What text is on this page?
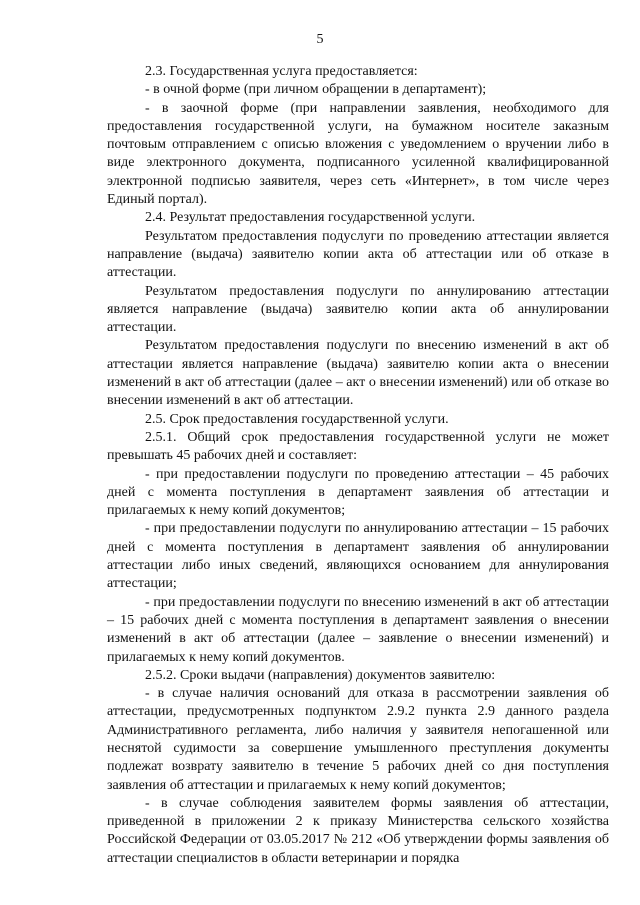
5

2.3. Государственная услуга предоставляется:

- в очной форме (при личном обращении в департамент);

- в заочной форме (при направлении заявления, необходимого для предоставления государственной услуги, на бумажном носителе заказным почтовым отправлением с описью вложения с уведомлением о вручении либо в виде электронного документа, подписанного усиленной квалифицированной электронной подписью заявителя, через сеть «Интернет», в том числе через Единый портал).

2.4. Результат предоставления государственной услуги.

Результатом предоставления подуслуги по проведению аттестации является направление (выдача) заявителю копии акта об аттестации или об отказе в аттестации.

Результатом предоставления подуслуги по аннулированию аттестации является направление (выдача) заявителю копии акта об аннулировании аттестации.

Результатом предоставления подуслуги по внесению изменений в акт об аттестации является направление (выдача) заявителю копии акта о внесении изменений в акт об аттестации (далее – акт о внесении изменений) или об отказе во внесении изменений в акт об аттестации.

2.5. Срок предоставления государственной услуги.

2.5.1. Общий срок предоставления государственной услуги не может превышать 45 рабочих дней и составляет:

- при предоставлении подуслуги по проведению аттестации – 45 рабочих дней с момента поступления в департамент заявления об аттестации и прилагаемых к нему копий документов;

- при предоставлении подуслуги по аннулированию аттестации – 15 рабочих дней с момента поступления в департамент заявления об аннулировании аттестации либо иных сведений, являющихся основанием для аннулирования аттестации;

- при предоставлении подуслуги по внесению изменений в акт об аттестации – 15 рабочих дней с момента поступления в департамент заявления о внесении изменений в акт об аттестации (далее – заявление о внесении изменений) и прилагаемых к нему копий документов.

2.5.2. Сроки выдачи (направления) документов заявителю:

- в случае наличия оснований для отказа в рассмотрении заявления об аттестации, предусмотренных подпунктом 2.9.2 пункта 2.9 данного раздела Административного регламента, либо наличия у заявителя непогашенной или неснятой судимости за совершение умышленного преступления документы подлежат возврату заявителю в течение 5 рабочих дней со дня поступления заявления об аттестации и прилагаемых к нему копий документов;

- в случае соблюдения заявителем формы заявления об аттестации, приведенной в приложении 2 к приказу Министерства сельского хозяйства Российской Федерации от 03.05.2017 № 212 «Об утверждении формы заявления об аттестации специалистов в области ветеринарии и порядка
